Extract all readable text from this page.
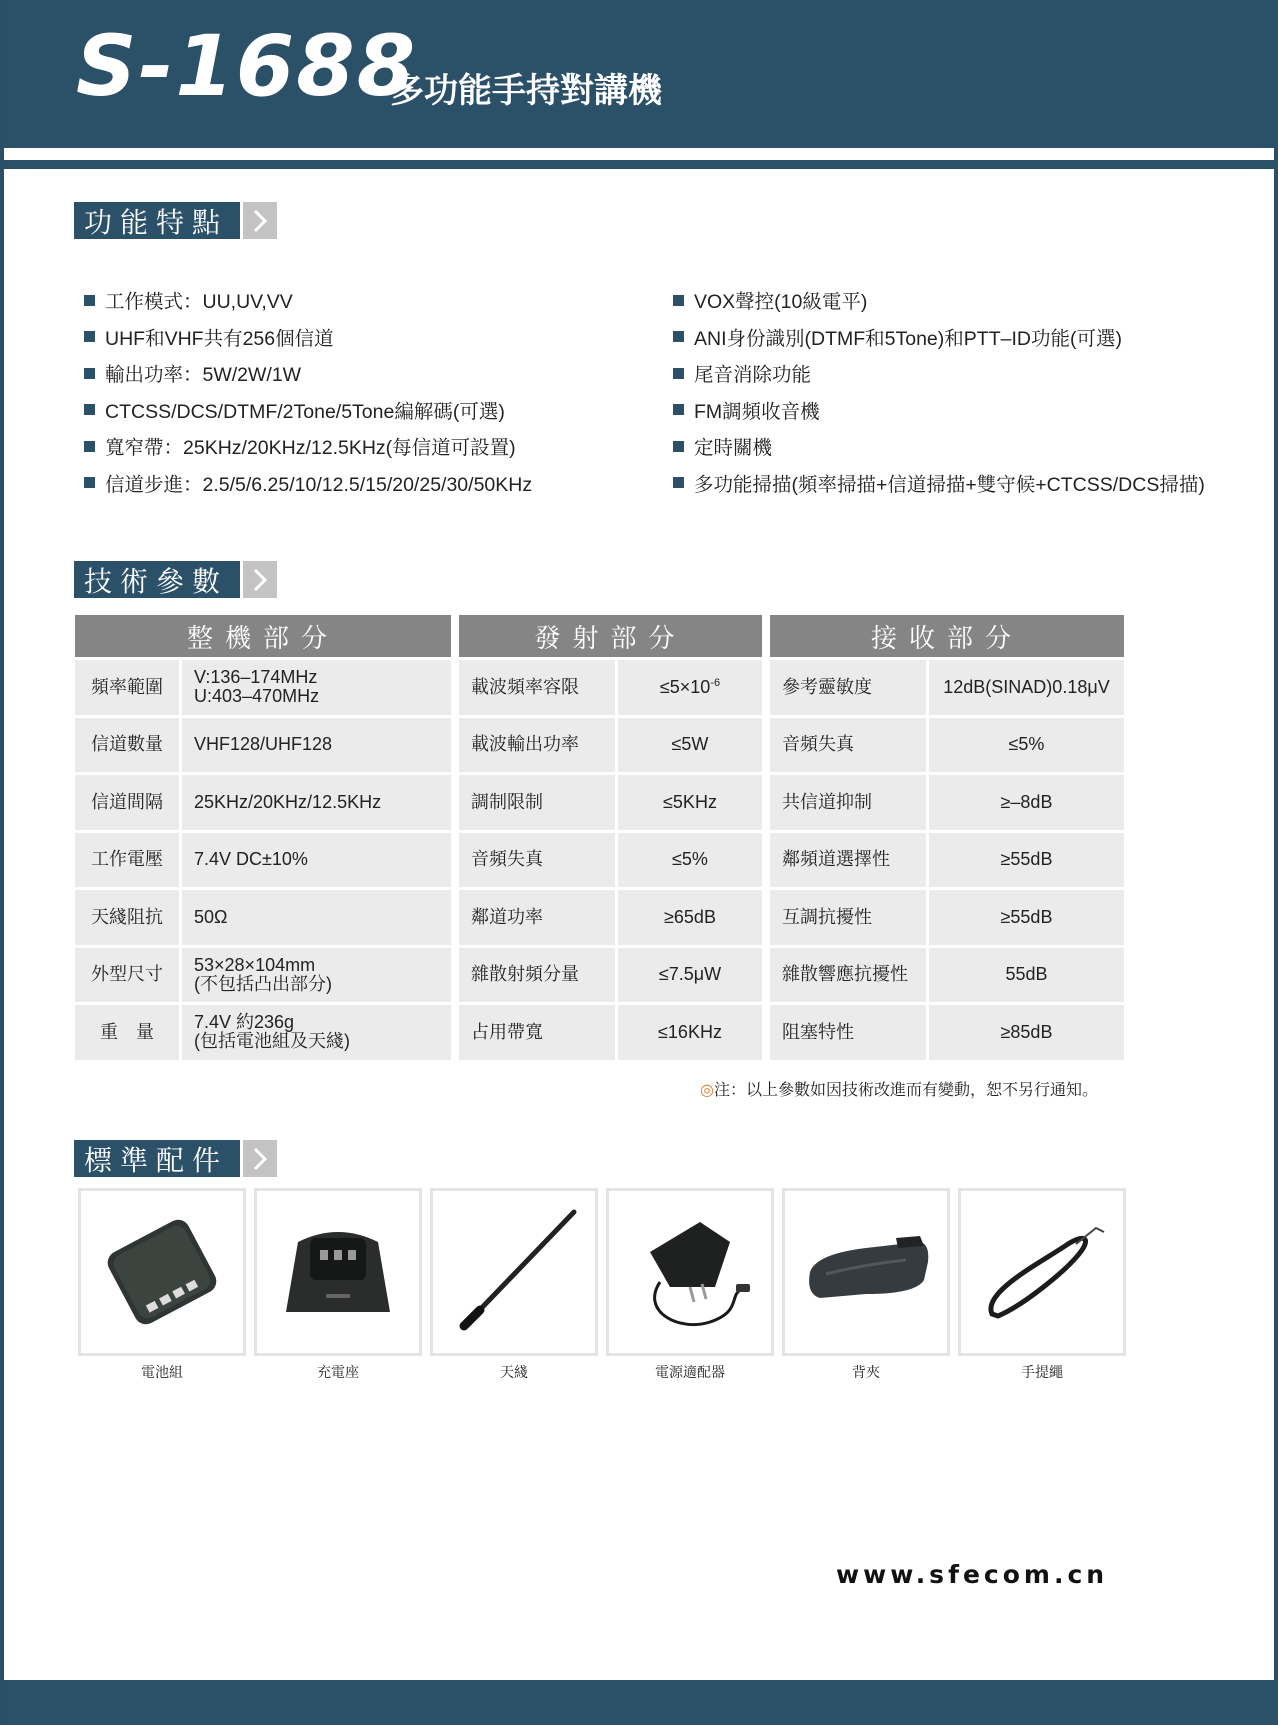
S-1688
多功能手持對講機
功能特點
工作模式：UU,UV,VV
UHF和VHF共有256個信道
輸出功率：5W/2W/1W
CTCSS/DCS/DTMF/2Tone/5Tone編解碼(可選)
寬窄帶：25KHz/20KHz/12.5KHz(每信道可設置)
信道步進：2.5/5/6.25/10/12.5/15/20/25/30/50KHz
VOX聲控(10級電平)
ANI身份識別(DTMF和5Tone)和PTT–ID功能(可選)
尾音消除功能
FM調頻收音機
定時關機
多功能掃描(頻率掃描+信道掃描+雙守候+CTCSS/DCS掃描)
技術參數
整機部分	
頻率範圍	V:136–174MHz
U:403–470MHz

信道數量	VHF128/UHF128

信道間隔	25KHz/20KHz/12.5KHz

工作電壓	7.4V DC±10%

天綫阻抗	50Ω

外型尺寸	53×28×104mm
(不包括凸出部分)

重　量	7.4V 約236g
(包括電池組及天綫)
發射部分	
載波頻率容限	$\le 5\times 10^{-6}$
載波輸出功率	≤5W
調制限制	≤5KHz
音頻失真	≤5%
鄰道功率	≥65dB
雜散射頻分量	≤7.5μW
占用帶寬	≤16KHz
接收部分	
參考靈敏度	12dB(SINAD)0.18μV
音頻失真	≤5%
共信道抑制	≥–8dB
鄰頻道選擇性	≥55dB
互調抗擾性	≥55dB
雜散響應抗擾性	55dB
阻塞特性	≥85dB
◎注：以上參數如因技術改進而有變動，恕不另行通知。
標準配件
電池組	充電座	天綫	電源適配器	背夾	手提繩
www.sfecom.cn
